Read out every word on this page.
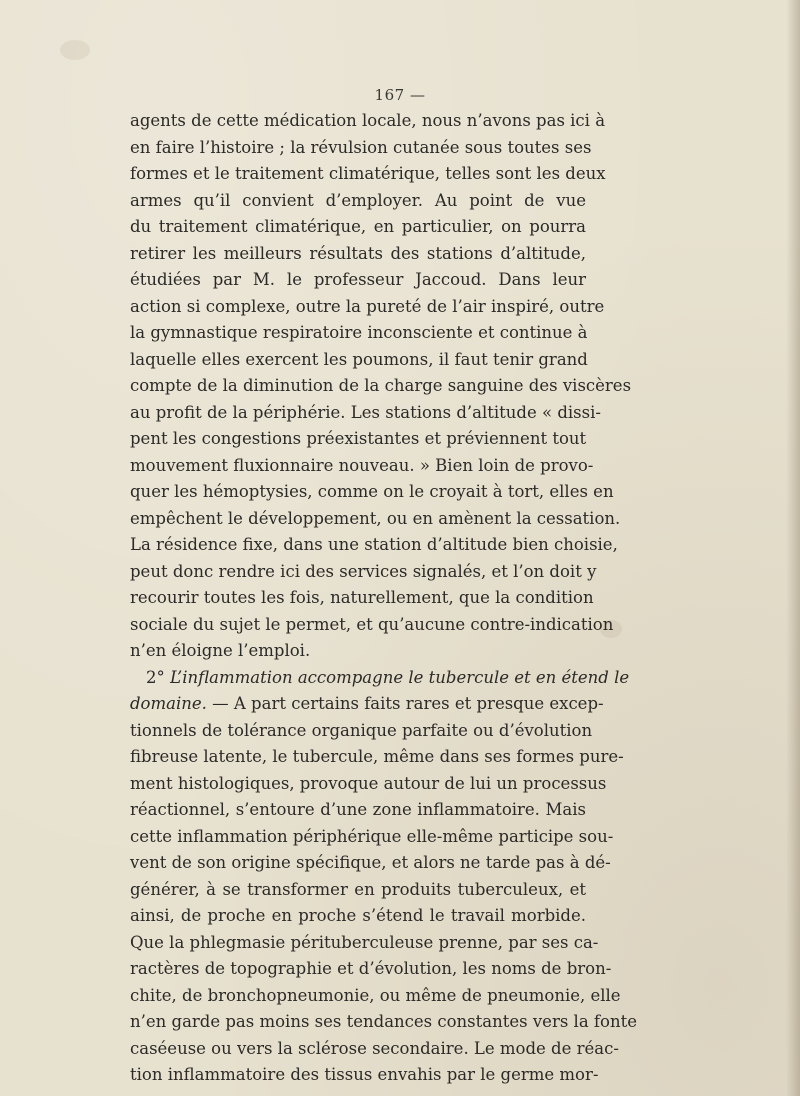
167 —
agents de cette médication locale, nous n’avons pas ici à
en faire l’histoire ; la révulsion cutanée sous toutes ses
formes et le traitement climatérique, telles sont les deux
armes qu’il convient d’employer. Au point de vue
du traitement climatérique, en particulier, on pourra
retirer les meilleurs résultats des stations d’altitude,
étudiées par M. le professeur Jaccoud. Dans leur
action si complexe, outre la pureté de l’air inspiré, outre
la gymnastique respiratoire inconsciente et continue à
laquelle elles exercent les poumons, il faut tenir grand
compte de la diminution de la charge sanguine des viscères
au profit de la périphérie. Les stations d’altitude « dissi-
pent les congestions préexistantes et préviennent tout
mouvement fluxionnaire nouveau. » Bien loin de provo-
quer les hémoptysies, comme on le croyait à tort, elles en
empêchent le développement, ou en amènent la cessation.
La résidence fixe, dans une station d’altitude bien choisie,
peut donc rendre ici des services signalés, et l’on doit y
recourir toutes les fois, naturellement, que la condition
sociale du sujet le permet, et qu’aucune contre-indication
n’en éloigne l’emploi.
2° L’inflammation accompagne le tubercule et en étend le
domaine. — A part certains faits rares et presque excep-
tionnels de tolérance organique parfaite ou d’évolution
fibreuse latente, le tubercule, même dans ses formes pure-
ment histologiques, provoque autour de lui un processus
réactionnel, s’entoure d’une zone inflammatoire. Mais
cette inflammation périphérique elle-même participe sou-
vent de son origine spécifique, et alors ne tarde pas à dé-
générer, à se transformer en produits tuberculeux, et
ainsi, de proche en proche s’étend le travail morbide.
Que la phlegmasie pérituberculeuse prenne, par ses ca-
ractères de topographie et d’évolution, les noms de bron-
chite, de bronchopneumonie, ou même de pneumonie, elle
n’en garde pas moins ses tendances constantes vers la fonte
caséeuse ou vers la sclérose secondaire. Le mode de réac-
tion inflammatoire des tissus envahis par le germe mor-
